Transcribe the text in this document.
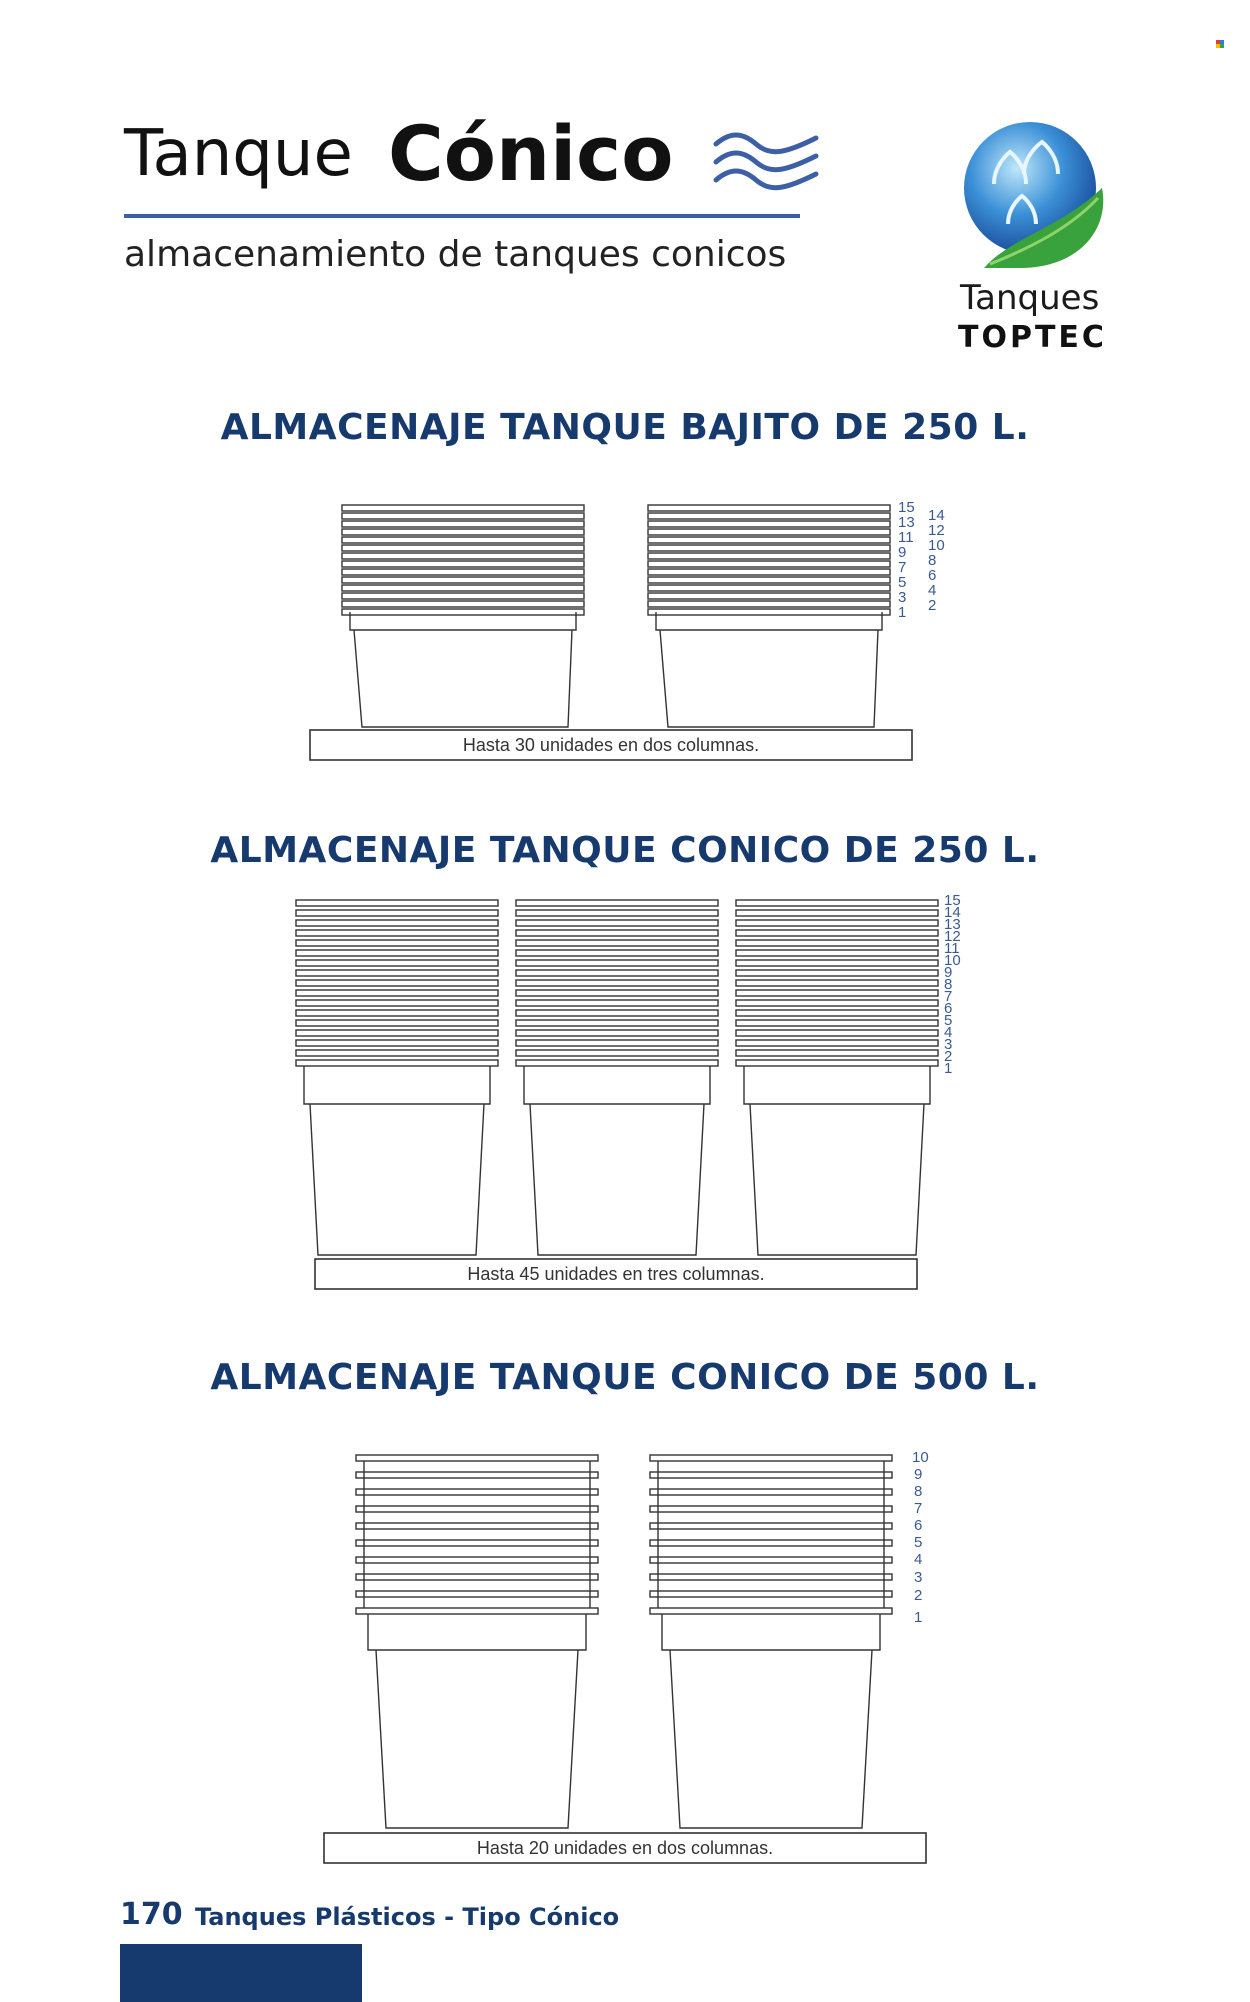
Tanque Cónico
almacenamiento de tanques conicos
Tanques
TOPTEC
ALMACENAJE TANQUE BAJITO DE 250 L.
Hasta 30 unidades en dos columnas.
15
13
11
9
7
5
3
1
14
12
10
8
6
4
2
ALMACENAJE TANQUE CONICO DE 250 L.
Hasta 45 unidades en tres columnas.
15
14
13
12
11
10
9
8
7
6
5
4
3
2
1
ALMACENAJE TANQUE CONICO DE 500 L.
Hasta 20 unidades en dos columnas.
10
9
8
7
6
5
4
3
2
1
170 Tanques Plásticos - Tipo Cónico
